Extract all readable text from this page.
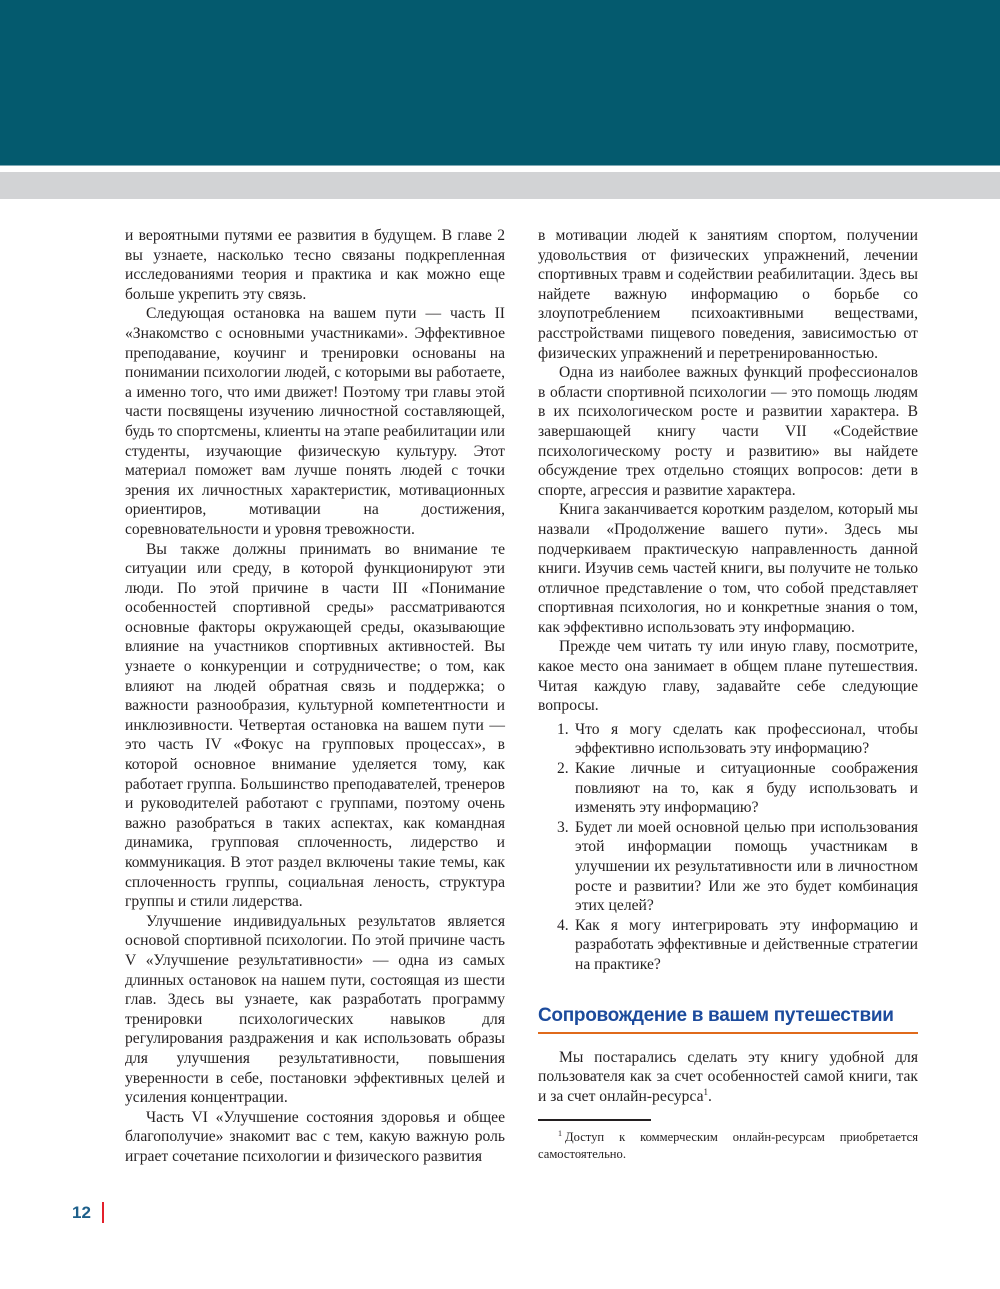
и вероятными путями ее развития в будущем. В главе 2 вы узнаете, насколько тесно связаны подкрепленная исследованиями теория и практика и как можно еще больше укрепить эту связь.

Следующая остановка на вашем пути — часть II «Знакомство с основными участниками». Эффективное преподавание, коучинг и тренировки основаны на понимании психологии людей, с которыми вы работаете, а именно того, что ими движет! Поэтому три главы этой части посвящены изучению личностной составляющей, будь то спортсмены, клиенты на этапе реабилитации или студенты, изучающие физическую культуру. Этот материал поможет вам лучше понять людей с точки зрения их личностных характеристик, мотивационных ориентиров, мотивации на достижения, соревновательности и уровня тревожности.

Вы также должны принимать во внимание те ситуации или среду, в которой функционируют эти люди. По этой причине в части III «Понимание особенностей спортивной среды» рассматриваются основные факторы окружающей среды, оказывающие влияние на участников спортивных активностей. Вы узнаете о конкуренции и сотрудничестве; о том, как влияют на людей обратная связь и поддержка; о важности разнообразия, культурной компетентности и инклюзивности. Четвертая остановка на вашем пути — это часть IV «Фокус на групповых процессах», в которой основное внимание уделяется тому, как работает группа. Большинство преподавателей, тренеров и руководителей работают с группами, поэтому очень важно разобраться в таких аспектах, как командная динамика, групповая сплоченность, лидерство и коммуникация. В этот раздел включены такие темы, как сплоченность группы, социальная леность, структура группы и стили лидерства.

Улучшение индивидуальных результатов является основой спортивной психологии. По этой причине часть V «Улучшение результативности» — одна из самых длинных остановок на нашем пути, состоящая из шести глав. Здесь вы узнаете, как разработать программу тренировки психологических навыков для регулирования раздражения и как использовать образы для улучшения результативности, повышения уверенности в себе, постановки эффективных целей и усиления концентрации.

Часть VI «Улучшение состояния здоровья и общее благополучие» знакомит вас с тем, какую важную роль играет сочетание психологии и физического развития

в мотивации людей к занятиям спортом, получении удовольствия от физических упражнений, лечении спортивных травм и содействии реабилитации. Здесь вы найдете важную информацию о борьбе со злоупотреблением психоактивными веществами, расстройствами пищевого поведения, зависимостью от физических упражнений и перетренированностью.

Одна из наиболее важных функций профессионалов в области спортивной психологии — это помощь людям в их психологическом росте и развитии характера. В завершающей книгу части VII «Содействие психологическому росту и развитию» вы найдете обсуждение трех отдельно стоящих вопросов: дети в спорте, агрессия и развитие характера.

Книга заканчивается коротким разделом, который мы назвали «Продолжение вашего пути». Здесь мы подчеркиваем практическую направленность данной книги. Изучив семь частей книги, вы получите не только отличное представление о том, что собой представляет спортивная психология, но и конкретные знания о том, как эффективно использовать эту информацию.

Прежде чем читать ту или иную главу, посмотрите, какое место она занимает в общем плане путешествия. Читая каждую главу, задавайте себе следующие вопросы.

1. Что я могу сделать как профессионал, чтобы эффективно использовать эту информацию?
2. Какие личные и ситуационные соображения повлияют на то, как я буду использовать и изменять эту информацию?
3. Будет ли моей основной целью при использования этой информации помощь участникам в улучшении их результативности или в личностном росте и развитии? Или же это будет комбинация этих целей?
4. Как я могу интегрировать эту информацию и разработать эффективные и действенные стратегии на практике?
Сопровождение в вашем путешествии

Мы постарались сделать эту книгу удобной для пользователя как за счет особенностей самой книги, так и за счет онлайн-ресурса$^1$.

$^1$ Доступ к коммерческим онлайн-ресурсам приобретается самостоятельно.
12
